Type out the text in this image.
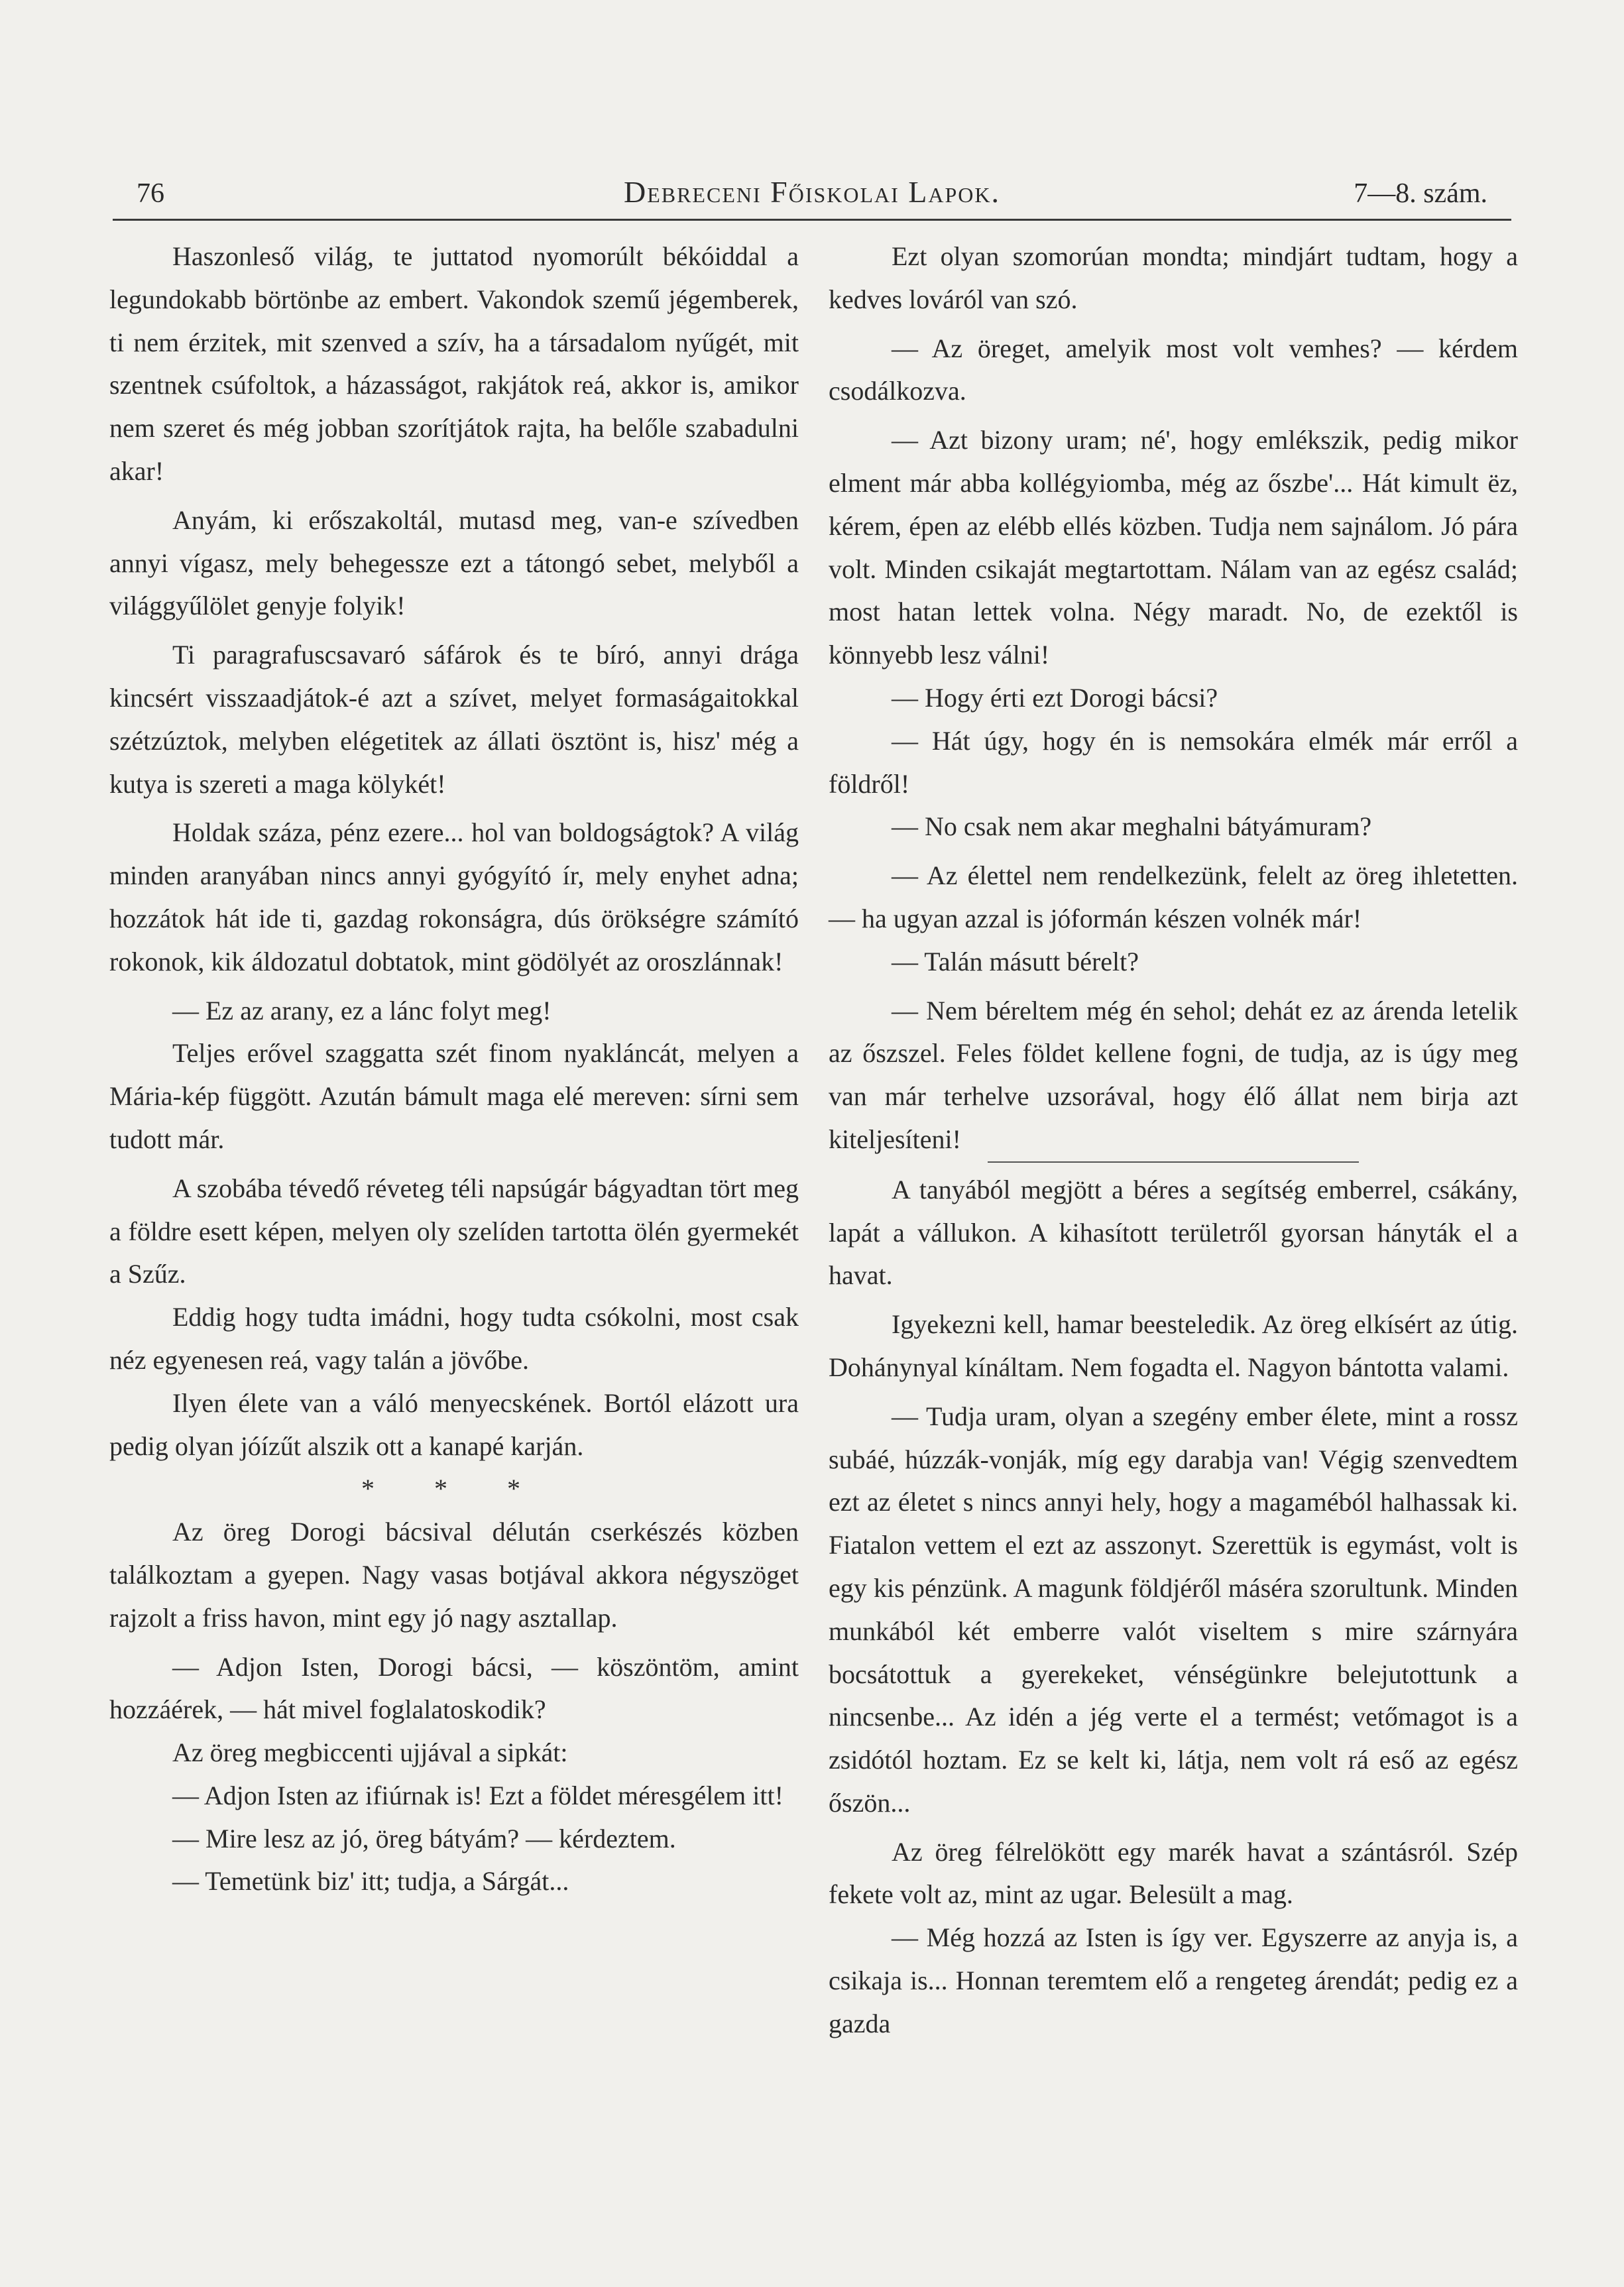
76	Debreceni Főiskolai Lapok.	7—8. szám.

Haszonleső világ, te juttatod nyomorúlt békóiddal a legundokabb börtönbe az embert. Vakondok szemű jégemberek, ti nem érzitek, mit szenved a szív, ha a társadalom nyűgét, mit szentnek csúfoltok, a házasságot, rakjátok reá, akkor is, amikor nem szeret és még jobban szorítjátok rajta, ha belőle szabadulni akar!

Anyám, ki erőszakoltál, mutasd meg, van-e szívedben annyi vígasz, mely behegessze ezt a tátongó sebet, melyből a világgyűlölet genyje folyik!

Ti paragrafuscsavaró sáfárok és te bíró, annyi drága kincsért visszaadjátok-é azt a szívet, melyet formaságaitokkal szétzúztok, melyben elégetitek az állati ösztönt is, hisz' még a kutya is szereti a maga kölykét!

Holdak száza, pénz ezere... hol van boldogságtok? A világ minden aranyában nincs annyi gyógyító ír, mely enyhet adna; hozzátok hát ide ti, gazdag rokonságra, dús örökségre számító rokonok, kik áldozatul dobtatok, mint gödölyét az oroszlánnak!

— Ez az arany, ez a lánc folyt meg!

Teljes erővel szaggatta szét finom nyakláncát, melyen a Mária-kép függött. Azután bámult maga elé mereven: sírni sem tudott már.

A szobába tévedő réveteg téli napsúgár bágyadtan tört meg a földre esett képen, melyen oly szelíden tartotta ölén gyermekét a Szűz.

Eddig hogy tudta imádni, hogy tudta csókolni, most csak néz egyenesen reá, vagy talán a jövőbe.

Ilyen élete van a váló menyecskének. Bortól elázott ura pedig olyan jóízűt alszik ott a kanapé karján.

* * *

Az öreg Dorogi bácsival délután cserkészés közben találkoztam a gyepen. Nagy vasas botjával akkora négyszöget rajzolt a friss havon, mint egy jó nagy asztallap.

— Adjon Isten, Dorogi bácsi, — köszöntöm, amint hozzáérek, — hát mivel foglalatoskodik?

Az öreg megbiccenti ujjával a sipkát:

— Adjon Isten az ifiúrnak is! Ezt a földet méresgélem itt!

— Mire lesz az jó, öreg bátyám? — kérdeztem.

— Temetünk biz' itt; tudja, a Sárgát...

Ezt olyan szomorúan mondta; mindjárt tudtam, hogy a kedves lováról van szó.

— Az öreget, amelyik most volt vemhes? — kérdem csodálkozva.

— Azt bizony uram; né', hogy emlékszik, pedig mikor elment már abba kollégyiomba, még az őszbe'... Hát kimult ëz, kérem, épen az elébb ellés közben. Tudja nem sajnálom. Jó pára volt. Minden csikaját megtartottam. Nálam van az egész család; most hatan lettek volna. Négy maradt. No, de ezektől is könnyebb lesz válni!

— Hogy érti ezt Dorogi bácsi?

— Hát úgy, hogy én is nemsokára elmék már erről a földről!

— No csak nem akar meghalni bátyámuram?

— Az élettel nem rendelkezünk, felelt az öreg ihletetten. — ha ugyan azzal is jóformán készen volnék már!

— Talán másutt bérelt?

— Nem béreltem még én sehol; dehát ez az árenda letelik az őszszel. Feles földet kellene fogni, de tudja, az is úgy meg van már terhelve uzsorával, hogy élő állat nem birja azt kiteljesíteni!

A tanyából megjött a béres a segítség emberrel, csákány, lapát a vállukon. A kihasított területről gyorsan hányták el a havat.

Igyekezni kell, hamar beesteledik. Az öreg elkísért az útig. Dohánynyal kínáltam. Nem fogadta el. Nagyon bántotta valami.

— Tudja uram, olyan a szegény ember élete, mint a rossz subáé, húzzák-vonják, míg egy darabja van! Végig szenvedtem ezt az életet s nincs annyi hely, hogy a magaméból halhassak ki. Fiatalon vettem el ezt az asszonyt. Szerettük is egymást, volt is egy kis pénzünk. A magunk földjéről máséra szorultunk. Minden munkából két emberre valót viseltem s mire szárnyára bocsátottuk a gyerekeket, vénségünkre belejutottunk a nincsenbe... Az idén a jég verte el a termést; vetőmagot is a zsidótól hoztam. Ez se kelt ki, látja, nem volt rá eső az egész őszön...

Az öreg félrelökött egy marék havat a szántásról. Szép fekete volt az, mint az ugar. Belesült a mag.

— Még hozzá az Isten is így ver. Egyszerre az anyja is, a csikaja is... Honnan teremtem elő a rengeteg árendát; pedig ez a gazda
